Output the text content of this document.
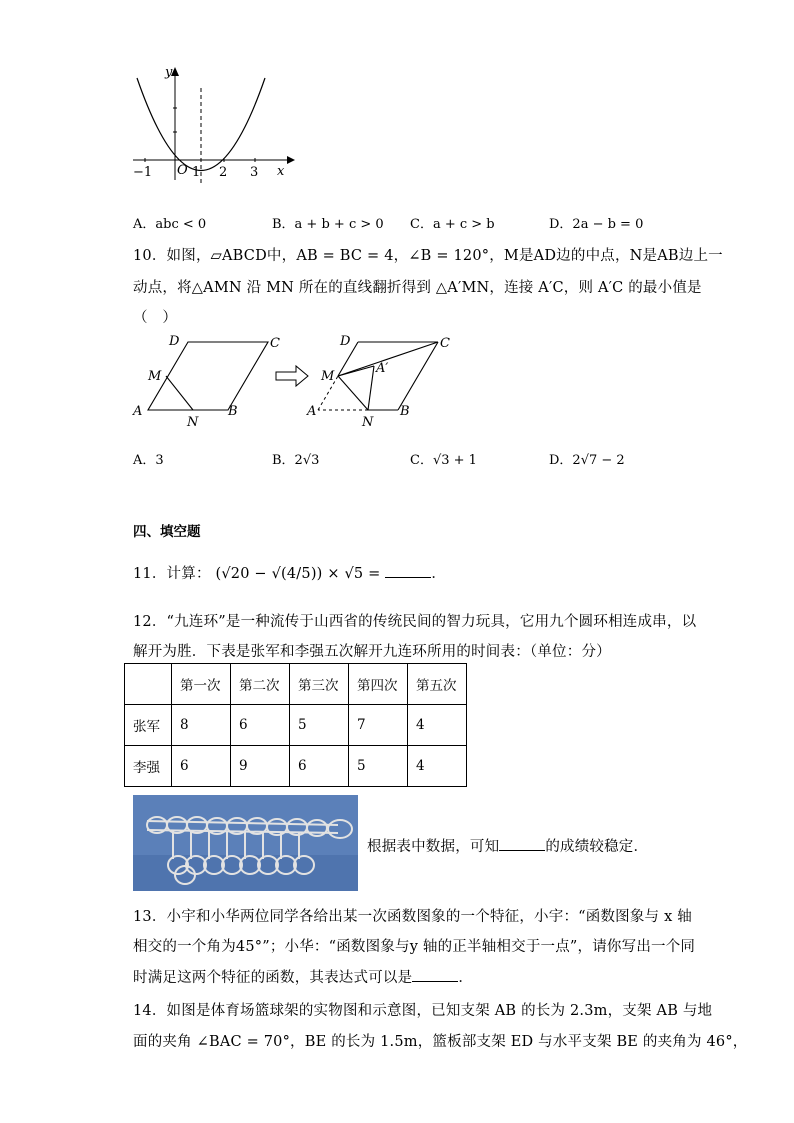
y
x
O
−1	1 2 3
A．abc < 0	B．a + b + c > 0 C．a + c > b	D．2a − b = 0
10．如图，▱ABCD中，AB = BC = 4，∠B = 120°，M是AD边的中点，N是AB边上一
动点，将△AMN 沿 MN 所在的直线翻折得到 △A′MN，连接 A′C，则 A′C 的最小值是
（　）
D	C
M
A
N
B
D	C
M
A′
A
N
B
A．3	B．2√3	C．√3 + 1	D．2√7 − 2
四、填空题
11．计算： (√20 − √(4/5)) × √5 =	．
12．“九连环”是一种流传于山西省的传统民间的智力玩具，它用九个圆环相连成串，以
解开为胜．下表是张军和李强五次解开九连环所用的时间表：（单位：分）
	第一次	第二次	第三次	第四次	第五次
张军	8	6	5	7	4
李强	6	9	6	5	4
根据表中数据，可知	的成绩较稳定．
13．小宇和小华两位同学各给出某一次函数图象的一个特征，小宇：“函数图象与 x 轴
相交的一个角为45°”；小华：“函数图象与y 轴的正半轴相交于一点”，请你写出一个同
时满足这两个特征的函数，其表达式可以是	．
14．如图是体育场篮球架的实物图和示意图，已知支架 AB 的长为 2.3m，支架 AB 与地
面的夹角 ∠BAC = 70°，BE 的长为 1.5m，篮板部支架 ED 与水平支架 BE 的夹角为 46°，
